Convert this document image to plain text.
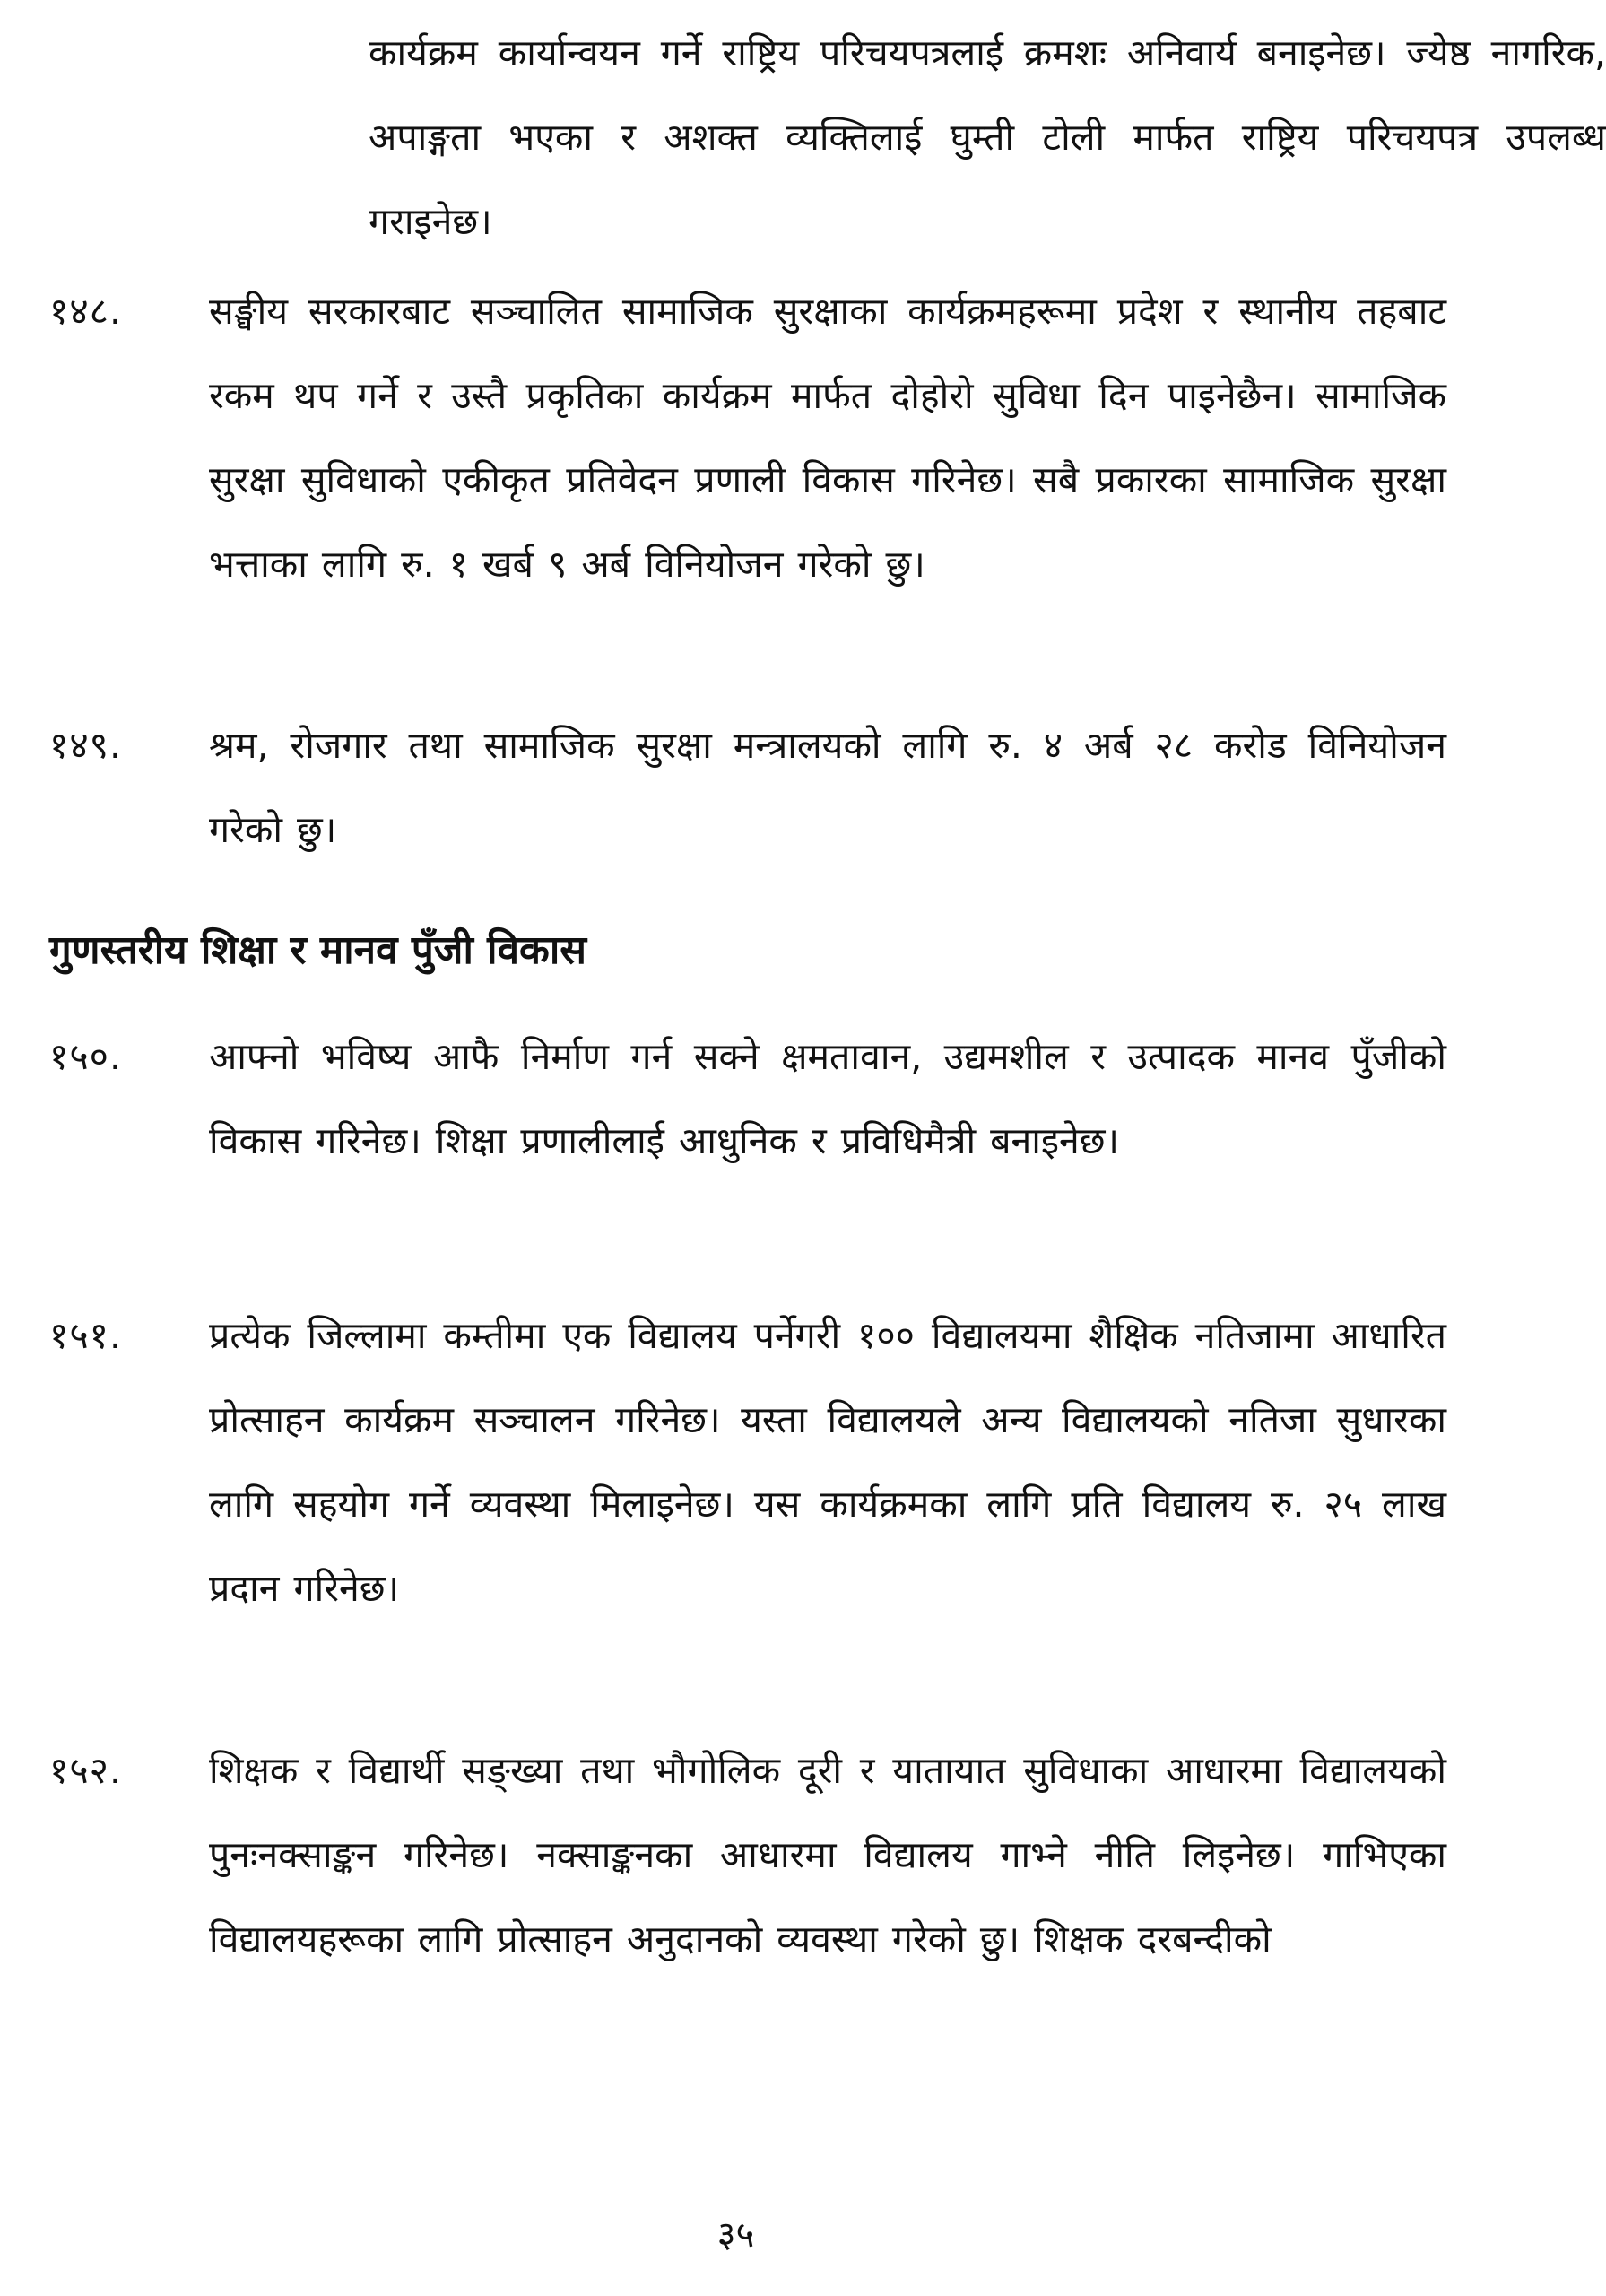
कार्यक्रम कार्यान्वयन गर्ने राष्ट्रिय परिचयपत्रलाई क्रमशः अनिवार्य बनाइनेछ। ज्येष्ठ नागरिक, अपाङ्गता भएका र अशक्त व्यक्तिलाई घुम्ती टोली मार्फत राष्ट्रिय परिचयपत्र उपलब्ध गराइनेछ।
१४८.	सङ्घीय सरकारबाट सञ्चालित सामाजिक सुरक्षाका कार्यक्रमहरूमा प्रदेश र स्थानीय तहबाट रकम थप गर्ने र उस्तै प्रकृतिका कार्यक्रम मार्फत दोहोरो सुविधा दिन पाइनेछैन। सामाजिक सुरक्षा सुविधाको एकीकृत प्रतिवेदन प्रणाली विकास गरिनेछ। सबै प्रकारका सामाजिक सुरक्षा भत्ताका लागि रु. १ खर्ब ९ अर्ब विनियोजन गरेको छु।
१४९.	श्रम, रोजगार तथा सामाजिक सुरक्षा मन्त्रालयको लागि रु. ४ अर्ब २८ करोड विनियोजन गरेको छु।
गुणस्तरीय शिक्षा र मानव पुँजी विकास
१५०.	आफ्नो भविष्य आफै निर्माण गर्न सक्ने क्षमतावान, उद्यमशील र उत्पादक मानव पुँजीको विकास गरिनेछ। शिक्षा प्रणालीलाई आधुनिक र प्रविधिमैत्री बनाइनेछ।
१५१.	प्रत्येक जिल्लामा कम्तीमा एक विद्यालय पर्नेगरी १०० विद्यालयमा शैक्षिक नतिजामा आधारित प्रोत्साहन कार्यक्रम सञ्चालन गरिनेछ। यस्ता विद्यालयले अन्य विद्यालयको नतिजा सुधारका लागि सहयोग गर्ने व्यवस्था मिलाइनेछ। यस कार्यक्रमका लागि प्रति विद्यालय रु. २५ लाख प्रदान गरिनेछ।
१५२.	शिक्षक र विद्यार्थी सङ्ख्या तथा भौगोलिक दूरी र यातायात सुविधाका आधारमा विद्यालयको पुनःनक्साङ्कन गरिनेछ। नक्साङ्कनका आधारमा विद्यालय गाभ्ने नीति लिइनेछ। गाभिएका विद्यालयहरूका लागि प्रोत्साहन अनुदानको व्यवस्था गरेको छु। शिक्षक दरबन्दीको
३५
